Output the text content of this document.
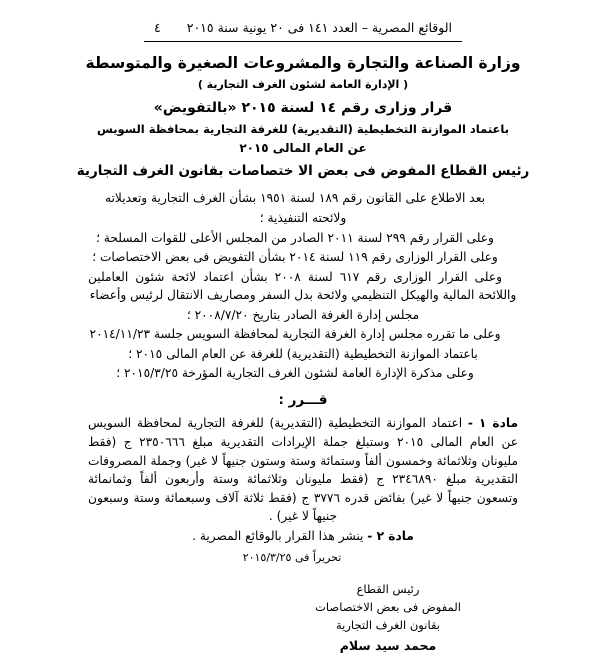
الوقائع المصرية – العدد ١٤١ فى ٢٠ يونية سنة ٢٠١٥
٤
وزارة الصناعة والتجارة والمشروعات الصغيرة والمتوسطة
( الإدارة العامة لشئون الغرف التجارية )
قرار وزارى رقم ١٤ لسنة ٢٠١٥ «بالتفويض»
باعتماد الموازنة التخطيطية (التقديرية) للغرفة التجارية بمحافظة السويس
عن العام المالى ٢٠١٥
رئيس القطاع المفوض فى بعض الا ختصاصات بقانون الغرف التجارية

بعد الاطلاع على القانون رقم ١٨٩ لسنة ١٩٥١ بشأن الغرف التجارية وتعديلاته

ولائحته التنفيذية ؛

وعلى القرار رقم ٢٩٩ لسنة ٢٠١١ الصادر من المجلس الأعلى للقوات المسلحة ؛

وعلى القرار الوزارى رقم ١١٩ لسنة ٢٠١٤ بشأن التفويض فى بعض الاختصاصات ؛

وعلى القرار الوزارى رقم ٦١٧ لسنة ٢٠٠٨ بشأن اعتماد لائحة شئون العاملين واللائحة المالية والهيكل التنظيمي ولائحة بدل السفر ومصاريف الانتقال لرئيس وأعضاء

مجلس إدارة الغرفة الصادر بتاريخ ٢٠٠٨/٧/٢٠ ؛

وعلى ما تقرره مجلس إدارة الغرفة التجارية لمحافظة السويس جلسة ٢٠١٤/١١/٢٣

باعتماد الموازنة التخطيطية (التقديرية) للغرفة عن العام المالى ٢٠١٥ ؛

وعلى مذكرة الإدارة العامة لشئون الغرف التجارية المؤرخة ٢٠١٥/٣/٢٥ ؛

قـــرر :

مادة ١ - اعتماد الموازنة التخطيطية (التقديرية) للغرفة التجارية لمحافظة السويس عن العام المالى ٢٠١٥ وستبلغ جملة الإيرادات التقديرية مبلغ ٢٣٥٠٦٦٦ ج (فقط مليونان وثلاثمائة وخمسون ألفاً وستمائة وستة وستون جنيهاً لا غير) وجملة المصروفات التقديرية مبلغ ٢٣٤٦٨٩٠ ج (فقط مليونان وثلاثمائة وستة وأربعون ألفاً وثمانمائة وتسعون جنيهاً لا غير) بفائض قدره ٣٧٧٦ ج (فقط ثلاثة آلاف وسبعمائة وستة وسبعون جنيهاً لا غير) .

مادة ٢ - ينشر هذا القرار بالوقائع المصرية .

تحريراً فى ٢٠١٥/٣/٢٥
رئيس القطاع
المفوض فى بعض الاختصاصات
بقانون الغرف التجارية
محمد سيد سلام
